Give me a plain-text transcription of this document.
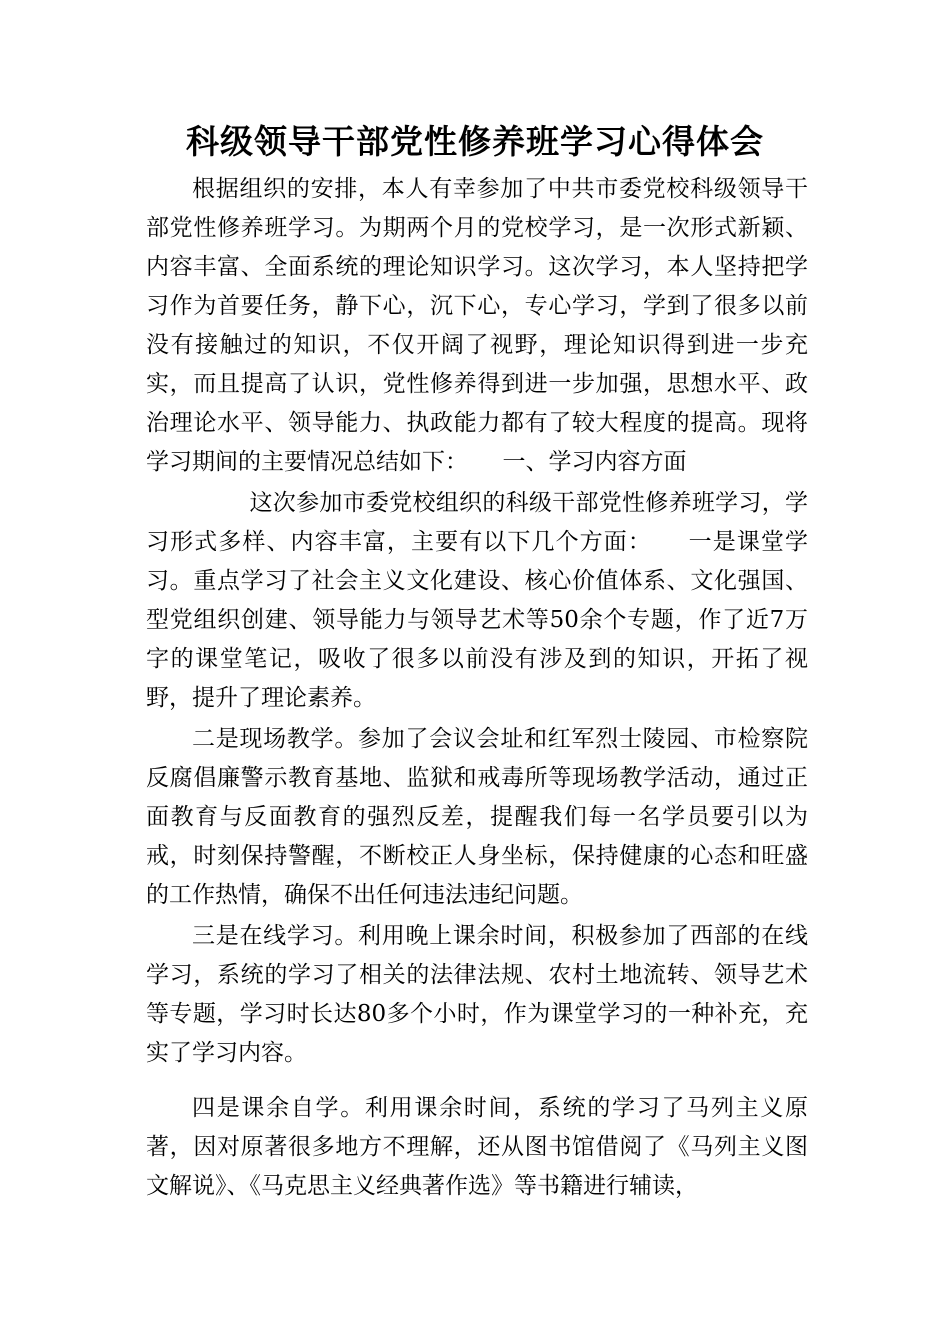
科级领导干部党性修养班学习心得体会

根据组织的安排，本人有幸参加了中共市委党校科级领导干部党性修养班学习。为期两个月的党校学习，是一次形式新颖、内容丰富、全面系统的理论知识学习。这次学习，本人坚持把学习作为首要任务，静下心，沉下心，专心学习，学到了很多以前没有接触过的知识，不仅开阔了视野，理论知识得到进一步充实，而且提高了认识，党性修养得到进一步加强，思想水平、政治理论水平、领导能力、执政能力都有了较大程度的提高。现将学习期间的主要情况总结如下：　　一、学习内容方面

这次参加市委党校组织的科级干部党性修养班学习，学习形式多样、内容丰富，主要有以下几个方面：　　一是课堂学习。重点学习了社会主义文化建设、核心价值体系、文化强国、型党组织创建、领导能力与领导艺术等50余个专题，作了近7万字的课堂笔记，吸收了很多以前没有涉及到的知识，开拓了视野，提升了理论素养。

二是现场教学。参加了会议会址和红军烈士陵园、市检察院反腐倡廉警示教育基地、监狱和戒毒所等现场教学活动，通过正面教育与反面教育的强烈反差，提醒我们每一名学员要引以为戒，时刻保持警醒，不断校正人身坐标，保持健康的心态和旺盛的工作热情，确保不出任何违法违纪问题。

三是在线学习。利用晚上课余时间，积极参加了西部的在线学习，系统的学习了相关的法律法规、农村土地流转、领导艺术等专题，学习时长达80多个小时，作为课堂学习的一种补充，充实了学习内容。

四是课余自学。利用课余时间，系统的学习了马列主义原著，因对原著很多地方不理解，还从图书馆借阅了《马列主义图文解说》、《马克思主义经典著作选》等书籍进行辅读，
